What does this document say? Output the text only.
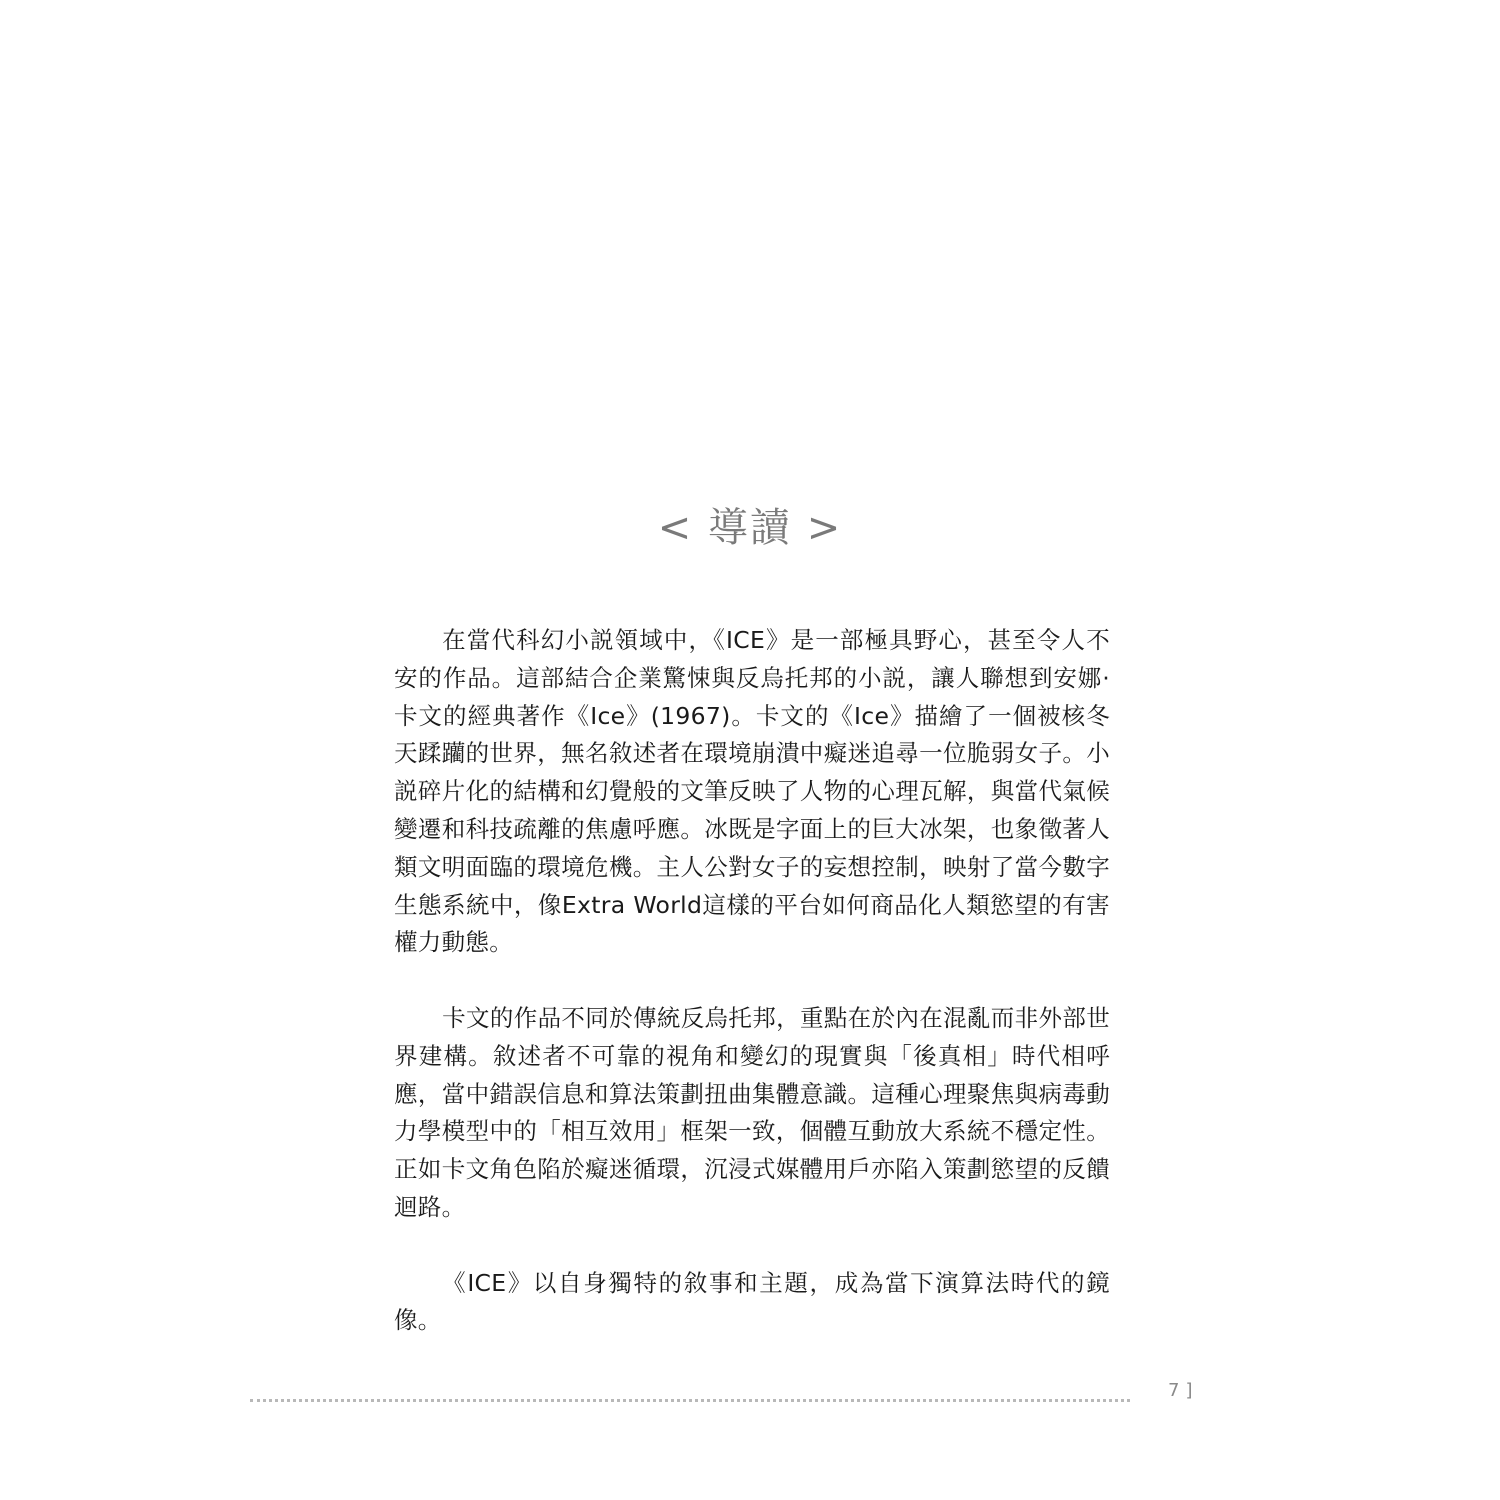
< 導讀 >

在當代科幻小説領域中，《ICE》是一部極具野心，甚至令人不安的作品。這部結合企業驚悚與反烏托邦的小説，讓人聯想到安娜· 卡文的經典著作《Ice》(1967)。卡文的《Ice》描繪了一個被核冬天蹂躪的世界，無名敘述者在環境崩潰中癡迷追尋一位脆弱女子。小説碎片化的結構和幻覺般的文筆反映了人物的心理瓦解，與當代氣候變遷和科技疏離的焦慮呼應。冰既是字面上的巨大冰架，也象徵著人類文明面臨的環境危機。主人公對女子的妄想控制，映射了當今數字生態系統中，像Extra World這樣的平台如何商品化人類慾望的有害權力動態。

卡文的作品不同於傳統反烏托邦，重點在於內在混亂而非外部世界建構。敘述者不可靠的視角和變幻的現實與「後真相」時代相呼應，當中錯誤信息和算法策劃扭曲集體意識。這種心理聚焦與病毒動力學模型中的「相互效用」框架一致，個體互動放大系統不穩定性。正如卡文角色陷於癡迷循環，沉浸式媒體用戶亦陷入策劃慾望的反饋迴路。

《ICE》以自身獨特的敘事和主題，成為當下演算法時代的鏡像。

7]
